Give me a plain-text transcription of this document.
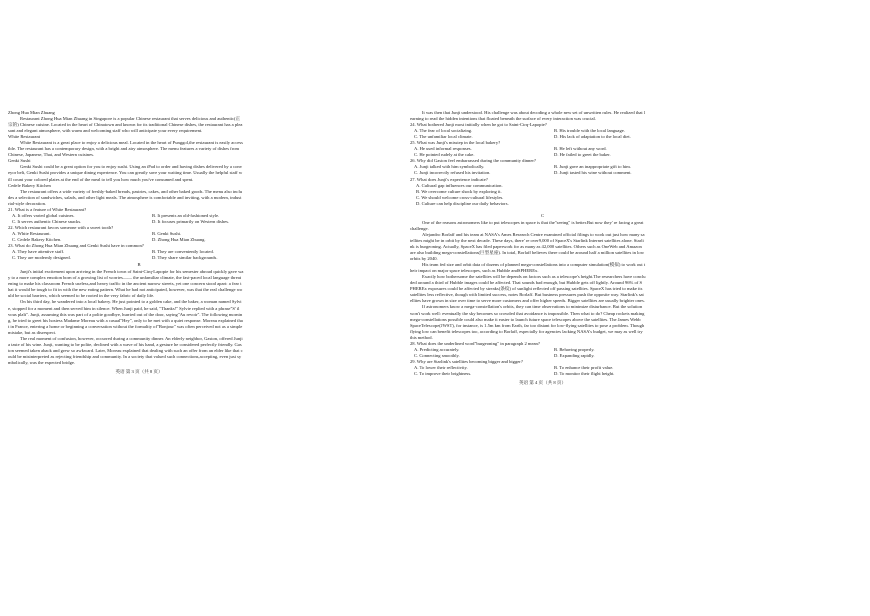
Zhong Hua Mian Zhuang
Restaurant Zhong Hua Mian Zhuang in Singapore is a popular Chinese restaurant that serves delicious and authentic(正
宗的) Chinese cuisine. Located in the heart of Chinatown and known for its traditional Chinese dishes, the restaurant has a plea
sant and elegant atmosphere, with warm and welcoming staff who will anticipate your every requirement.
White Restaurant
White Restaurant is a great place to enjoy a delicious meal. Located in the heart of Punggol,the restaurant is easily access
ible. The restaurant has a contemporary design, with a bright and airy atmosphere. The menu features a variety of dishes from
Chinese, Japanese, Thai, and Western cuisines.
Genki Sushi
Genki Sushi could be a great option for you to enjoy sushi. Using an iPad to order and having dishes delivered by a conv
eyor belt, Genki Sushi provides a unique dining experience. You can greatly save your waiting time. Usually the helpful staff w
ill count your colored plates at the end of the meal to tell you how much you've consumed and spent.
Cedele Bakery Kitchen
The restaurant offers a wide variety of freshly-baked breads, pastries, cakes, and other baked goods. The menu also inclu
des a selection of sandwiches, salads, and other light meals. The atmosphere is comfortable and inviting, with a modern, indust
rial-style decoration.
21. What is a feature of White Restaurant?
A. It offers varied global cuisines.	B. It presents an old-fashioned style.
C. It serves authentic Chinese snacks.	D. It focuses primarily on Western dishes.
22. Which restaurant favors someone with a sweet tooth?
A. White Restaurant.	B. Genki Sushi.
C. Cedele Bakery Kitchen.	D. Zhong Hua Mian Zhuang.
23. What do Zhong Hua Mian Zhuang and Genki Sushi have in common?
A. They have attentive staff.	B. They are conveniently located.
C. They are modernly designed.	D. They share similar backgrounds.
B
Junji's initial excitement upon arriving in the French town of Saint-Cirq-Lapopie for his semester abroad quickly gave wa
y to a more complex emotion born of a growing list of worries—— the unfamiliar climate, the fast-paced local language threat
ening to make his classroom French useless,and heavy traffic in the ancient narrow streets, yet one concern stood apart: a fear t
hat it would be tough to fit in with the new eating pattern. What he had not anticipated, however, was that the real challenge wo
uld be social barriers, which seemed to be rooted in the very fabric of daily life.
On his third day, he wandered into a local bakery. He just pointed to a golden cake, and the baker, a woman named Sylvi
e, stopped for a moment and then served him in silence. When Junji paid, he said, "Thanks!" Sylvie replied with a phrase"S' il
vous plaît". Junji, assuming this was part of a polite goodbye, hurried out of the door, saying"Au revoir". The following mornin
g, he tried to greet his hostess Madame Moreau with a casual"Hey", only to be met with a quiet response. Moreau explained tha
t in France, entering a home or beginning a conversation without the formality of"Bonjour" was often perceived not as a simple
mistake, but as disrespect.
The real moment of confusion, however, occurred during a community dinner. An elderly neighbor, Gaston, offered Junji
a taste of his wine. Junji, wanting to be polite, declined with a wave of his hand, a gesture he considered perfectly friendly. Gas
ton seemed taken aback and grew so awkward. Later, Moreau explained that dealing with such an offer from an elder like that c
ould be misinterpreted as rejecting friendship and community. In a society that valued such connections,accepting, even just sy
mbolically, was the expected bridge.
英语 第 3 页（共 8 页）
It was then that Junji understood. His challenge was about decoding a whole new set of unwritten rules. He realized that l
earning to read the hidden intentions that floated beneath the surface of every interaction was crucial.
24. What bothered Junji most initially when he got to Saint-Cirq-Lapopie?
A. The fear of local socializing.	B. His trouble with the local language.
C. The unfamiliar local climate.	D. His lack of adaptation to the local diet.
25. What was Junji's misstep in the local bakery?
A. He used informal responses.	B. He left without any word.
C. He pointed rudely at the cake.	D. He failed to greet the baker.
26. Why did Gaston feel embarrassed during the community dinner?
A. Junji talked with him symbolically.	B. Junji gave an inappropriate gift to him.
C. Junji incorrectly refused his invitation.	D. Junji tasted his wine without comment.
27. What does Junji's experience indicate?
A. Cultural gap influences our communication.
B. We overcome culture shock by exploring it.
C. We should welcome cross-cultural lifestyles.
D. Culture can help discipline our daily behaviors.
C
One of the reasons astronomers like to put telescopes in space is that the"seeing" is better.But now they' re facing a great
challenge.
Alejandro Borlaff and his team at NASA's Ames Research Centre examined official filings to work out just how many sa
tellites might be in orbit by the next decade. These days, there' re over9,000 of SpaceX's Starlink Internet satellites alone. Starli
nk is burgeoning. Actually, SpaceX has filed paperwork for as many as 42,000 satellites. Others such as OneWeb and Amazon
are also building mega-constellations(巨型星座). In total, Borlaff believes there could be around half a million satellites in low
orbits by 2040.
His team fed size and orbit data of dozens of planned mega-constellations into a computer simulation(模拟) to work out t
heir impact on major space telescopes, such as Hubble andSPHEREx.
Exactly how bothersome the satellites will be depends on factors such as a telescope's height.The researchers have conclu
ded around a third of Hubble images could be affected. That sounds bad enough, but Hubble gets off lightly. Around 96% of S
PHEREx exposures could be affected by streaks(条纹) of sunlight reflected off passing satellites. SpaceX has tried to make its
satellites less reflective, though with limited success, notes Borlaff. But business pressures push the opposite way. Starlink's sat
ellites have grown in size over time to serve more customers and offer higher speeds. Bigger satellites are usually brighter ones.
If astronomers know a mega-constellation's orbits, they can time observations to minimize disturbance. But the solution
won't work well: eventually the sky becomes so crowded that avoidance is impossible. Then what to do? Cheap rockets making
mega-constellations possible could also make it easier to launch future space telescopes above the satellites. The James Webb
SpaceTelescope(JWST), for instance, is 1.5m km from Earth, far too distant for low-flying satellites to pose a problem. Though
flying low can benefit telescopes too, according to Borlaff, especially for agencies lacking NASA's budget, we may as well try
this method.
28. What does the underlined word"burgeoning" in paragraph 2 mean?
A. Predicting accurately.	B. Behaving properly.
C. Connecting smoothly.	D. Expanding rapidly.
29. Why are Starlink's satellites becoming bigger and bigger?
A. To lower their reflectivity.	B. To enhance their profit value.
C. To improve their brightness.	D. To monitor their flight height.
英语 第 4 页（共 8 页）
